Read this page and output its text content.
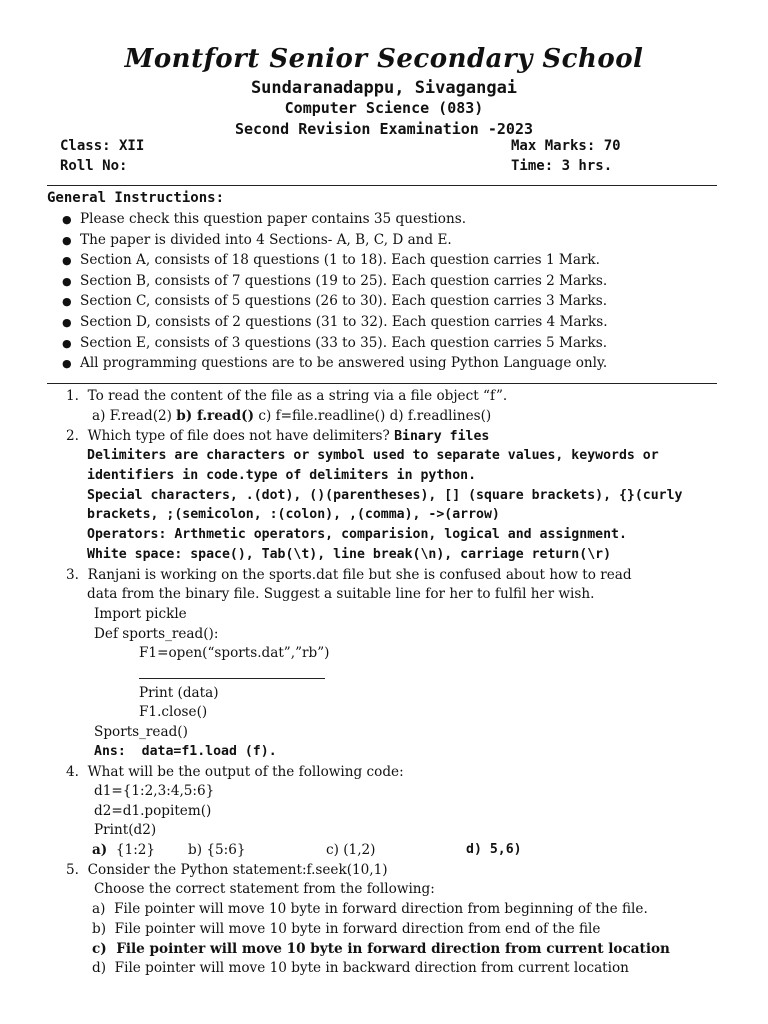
Montfort Senior Secondary School
Sundaranadappu, Sivagangai
Computer Science (083)
Second Revision Examination -2023
Class: XII
Roll No:
Max Marks: 70
Time: 3 hrs.
General Instructions:
● Please check this question paper contains 35 questions.
● The paper is divided into 4 Sections- A, B, C, D and E.
● Section A, consists of 18 questions (1 to 18). Each question carries 1 Mark.
● Section B, consists of 7 questions (19 to 25). Each question carries 2 Marks.
● Section C, consists of 5 questions (26 to 30). Each question carries 3 Marks.
● Section D, consists of 2 questions (31 to 32). Each question carries 4 Marks.
● Section E, consists of 3 questions (33 to 35). Each question carries 5 Marks.
● All programming questions are to be answered using Python Language only.
1. To read the content of the file as a string via a file object “f”.
a) F.read(2) b) f.read() c) f=file.readline() d) f.readlines()
2. Which type of file does not have delimiters? Binary files
Delimiters are characters or symbol used to separate values, keywords or
identifiers in code.type of delimiters in python.
Special characters, .(dot), ()(parentheses), [] (square brackets), {}(curly
brackets, ;(semicolon, :(colon), ,(comma), ->(arrow)
Operators: Arthmetic operators, comparision, logical and assignment.
White space: space(), Tab(\t), line break(\n), carriage return(\r)
3. Ranjani is working on the sports.dat file but she is confused about how to read
data from the binary file. Suggest a suitable line for her to fulfil her wish.
Import pickle
Def sports_read():
F1=open(“sports.dat”,”rb”)
Print (data)
F1.close()
Sports_read()
Ans: data=f1.load (f).
4. What will be the output of the following code:
d1={1:2,3:4,5:6}
d2=d1.popitem()
Print(d2)
a) {1:2} b) {5:6}	c) (1,2)	d) 5,6)
5. Consider the Python statement:f.seek(10,1)
Choose the correct statement from the following:
a) File pointer will move 10 byte in forward direction from beginning of the file.
b) File pointer will move 10 byte in forward direction from end of the file
c) File pointer will move 10 byte in forward direction from current location
d) File pointer will move 10 byte in backward direction from current location
